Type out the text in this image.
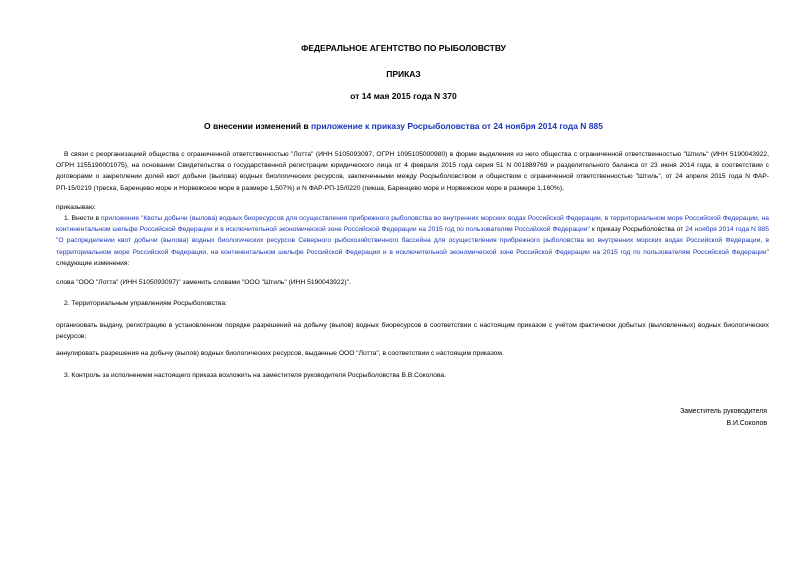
ФЕДЕРАЛЬНОЕ АГЕНТСТВО ПО РЫБОЛОВСТВУ
ПРИКАЗ
от 14 мая 2015 года N 370
О внесении изменений в приложение к приказу Росрыболовства от 24 ноября 2014 года N 885
В связи с реорганизацией общества с ограниченной ответственностью "Лотта" (ИНН 5105093097, ОГРН 1095105000980) в форме выделения из него общества с ограниченной ответственностью "Штиль" (ИНН 5190043922, ОГРН 1155190001075), на основании Свидетельства о государственной регистрации юридического лица от 4 февраля 2015 года серия 51 N 001889769 и разделительного баланса от 23 июня 2014 года, в соответствии с договорами о закреплении долей квот добычи (вылова) водных биологических ресурсов, заключенными между Росрыболовством и обществом с ограниченной ответственностью "Штиль", от 24 апреля 2015 года N ФАР-РП-15/0219 (треска, Баренцево море и Норвежское море в размере 1,507%) и N ФАР-РП-15/0220 (пикша, Баренцево море и Норвежское море в размере 1,160%),
приказываю:
1. Внести в приложение "Квоты добычи (вылова) водных биоресурсов для осуществления прибрежного рыболовства во внутренних морских водах Российской Федерации, в территориальном море Российской Федерации, на континентальном шельфе Российской Федерации и в исключительной экономической зоне Российской Федерации на 2015 год по пользователям Российской Федерации" к приказу Росрыболовства от 24 ноября 2014 года N 885 "О распределении квот добычи (вылова) водных биологических ресурсов Северного рыбохозяйственного бассейна для осуществления прибрежного рыболовства во внутренних морских водах Российской Федерации, в территориальном море Российской Федерации, на континентальном шельфе Российской Федерации и в исключительной экономической зоне Российской Федерации на 2015 год по пользователям Российской Федерации" следующие изменения:
слова "ООО "Лотта" (ИНН 5105093097)" заменить словами "ООО "Штиль" (ИНН 5190043922)".
2. Территориальным управлениям Росрыболовства:
организовать выдачу, регистрацию в установленном порядке разрешений на добычу (вылов) водных биоресурсов в соответствии с настоящим приказом с учётом фактически добытых (выловленных) водных биологических ресурсов;
аннулировать разрешения на добычу (вылов) водных биологических ресурсов, выданные ООО "Лотта", в соответствии с настоящим приказом.
3. Контроль за исполнением настоящего приказа возложить на заместителя руководителя Росрыболовства В.В.Соколова.
Заместитель руководителя
В.И.Соколов
